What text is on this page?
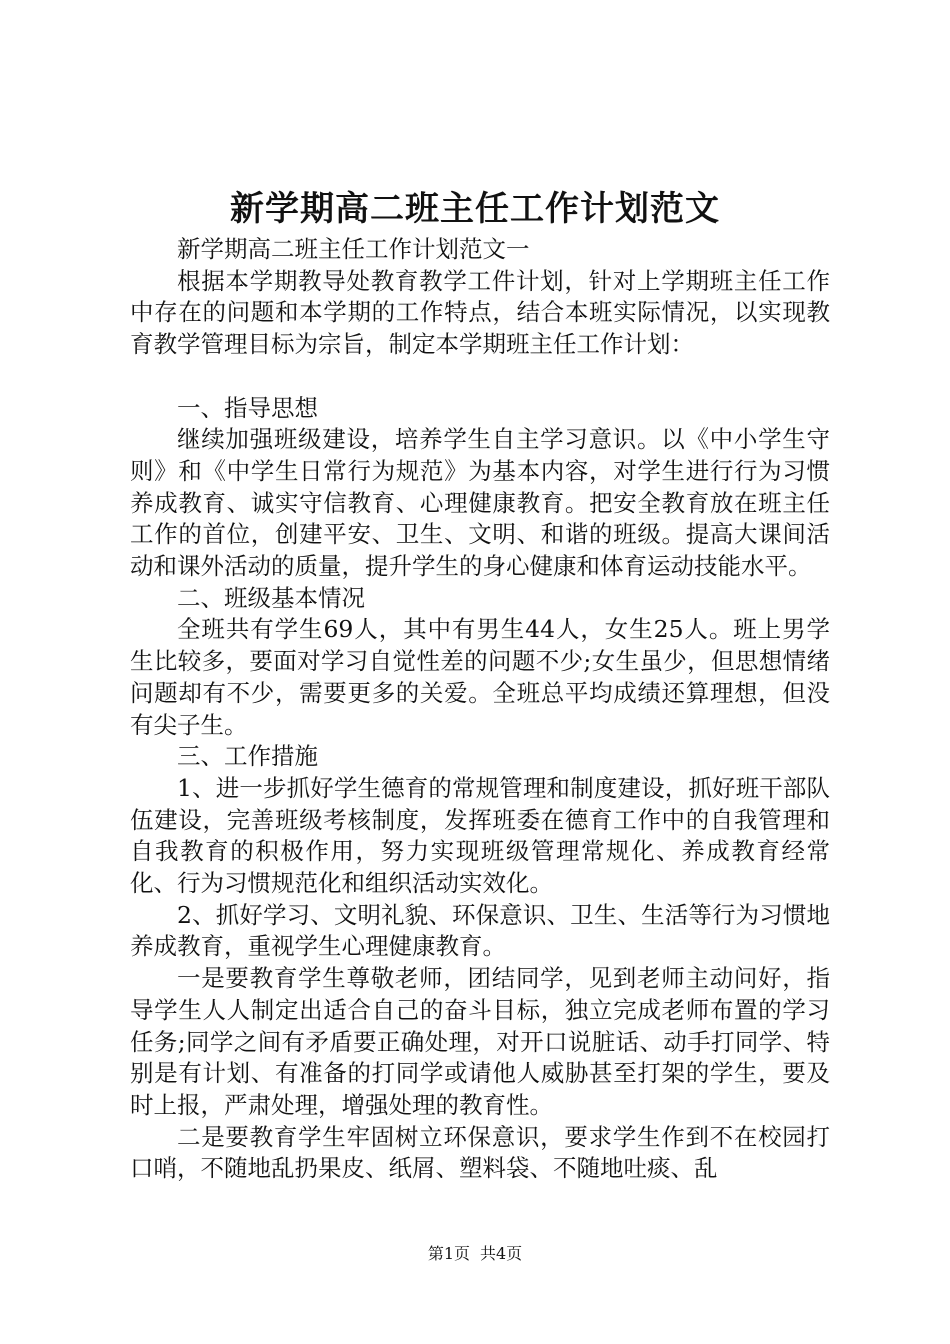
新学期高二班主任工作计划范文

新学期高二班主任工作计划范文一

根据本学期教导处教育教学工件计划，针对上学期班主任工作中存在的问题和本学期的工作特点，结合本班实际情况，以实现教育教学管理目标为宗旨，制定本学期班主任工作计划：

一、指导思想

继续加强班级建设，培养学生自主学习意识。以《中小学生守则》和《中学生日常行为规范》为基本内容，对学生进行行为习惯养成教育、诚实守信教育、心理健康教育。把安全教育放在班主任工作的首位，创建平安、卫生、文明、和谐的班级。提高大课间活动和课外活动的质量，提升学生的身心健康和体育运动技能水平。

二、班级基本情况

全班共有学生69人，其中有男生44人，女生25人。班上男学生比较多，要面对学习自觉性差的问题不少;女生虽少，但思想情绪问题却有不少，需要更多的关爱。全班总平均成绩还算理想，但没有尖子生。

三、工作措施

1、进一步抓好学生德育的常规管理和制度建设，抓好班干部队伍建设，完善班级考核制度，发挥班委在德育工作中的自我管理和自我教育的积极作用，努力实现班级管理常规化、养成教育经常化、行为习惯规范化和组织活动实效化。

2、抓好学习、文明礼貌、环保意识、卫生、生活等行为习惯地养成教育，重视学生心理健康教育。

一是要教育学生尊敬老师，团结同学，见到老师主动问好，指导学生人人制定出适合自己的奋斗目标，独立完成老师布置的学习任务;同学之间有矛盾要正确处理，对开口说脏话、动手打同学、特别是有计划、有准备的打同学或请他人威胁甚至打架的学生，要及时上报，严肃处理，增强处理的教育性。

二是要教育学生牢固树立环保意识，要求学生作到不在校园打口哨，不随地乱扔果皮、纸屑、塑料袋、不随地吐痰、乱

第1页 共4页
